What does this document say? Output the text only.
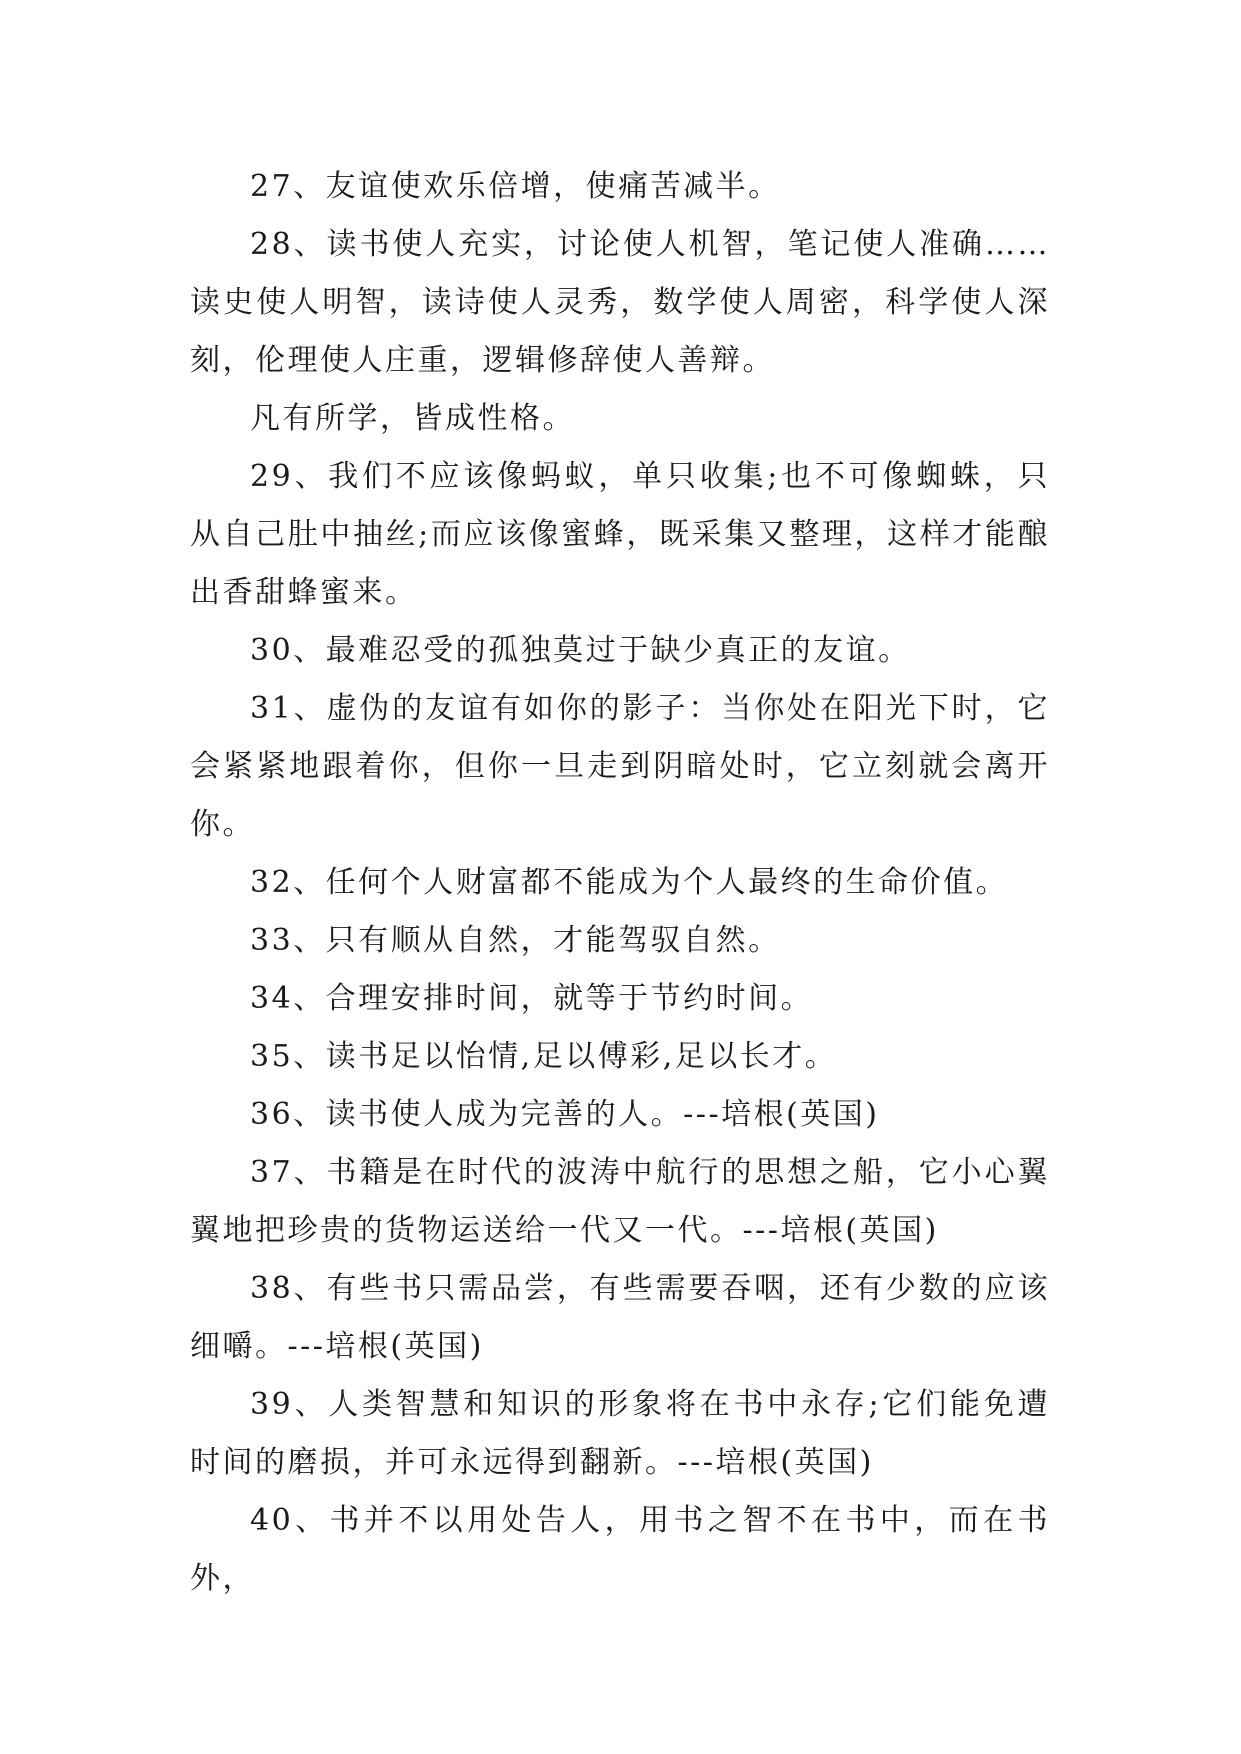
27、友谊使欢乐倍增，使痛苦减半。

28、读书使人充实，讨论使人机智，笔记使人准确……读史使人明智，读诗使人灵秀，数学使人周密，科学使人深刻，伦理使人庄重，逻辑修辞使人善辩。

凡有所学，皆成性格。

29、我们不应该像蚂蚁，单只收集;也不可像蜘蛛，只从自己肚中抽丝;而应该像蜜蜂，既采集又整理，这样才能酿出香甜蜂蜜来。

30、最难忍受的孤独莫过于缺少真正的友谊。

31、虚伪的友谊有如你的影子：当你处在阳光下时，它会紧紧地跟着你，但你一旦走到阴暗处时，它立刻就会离开你。

32、任何个人财富都不能成为个人最终的生命价值。

33、只有顺从自然，才能驾驭自然。

34、合理安排时间，就等于节约时间。

35、读书足以怡情,足以傅彩,足以长才。

36、读书使人成为完善的人。---培根(英国)

37、书籍是在时代的波涛中航行的思想之船，它小心翼翼地把珍贵的货物运送给一代又一代。---培根(英国)

38、有些书只需品尝，有些需要吞咽，还有少数的应该细嚼。---培根(英国)

39、人类智慧和知识的形象将在书中永存;它们能免遭时间的磨损，并可永远得到翻新。---培根(英国)

40、书并不以用处告人，用书之智不在书中，而在书外，
